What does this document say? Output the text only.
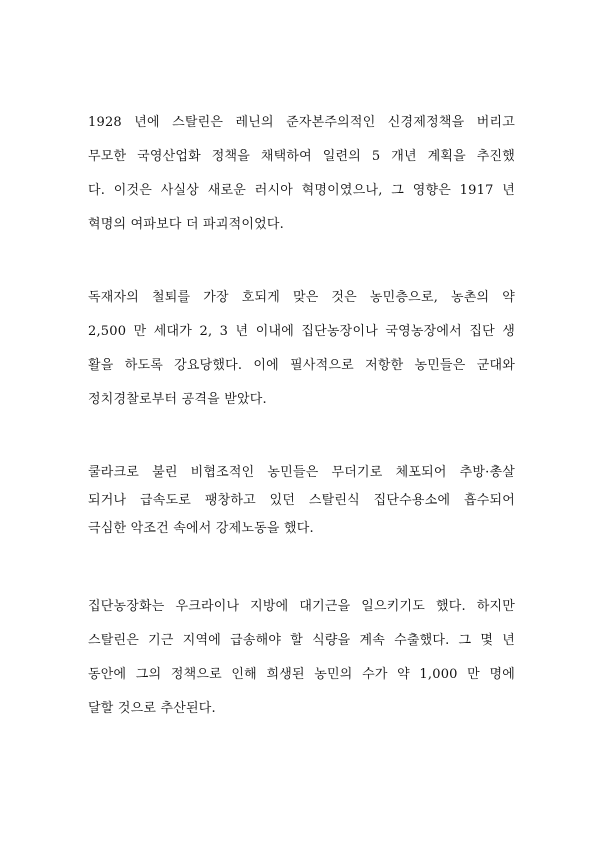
1928 년에 스탈린은 레닌의 준자본주의적인 신경제정책을 버리고
무모한 국영산업화 정책을 채택하여 일련의 5 개년 계획을 추진했
다. 이것은 사실상 새로운 러시아 혁명이였으나, 그 영향은 1917 년
혁명의 여파보다 더 파괴적이었다.
독재자의 철퇴를 가장 호되게 맞은 것은 농민층으로, 농촌의 약
2,500 만 세대가 2, 3 년 이내에 집단농장이나 국영농장에서 집단 생
활을 하도록 강요당했다. 이에 필사적으로 저항한 농민들은 군대와
정치경찰로부터 공격을 받았다.
쿨라크로 불린 비협조적인 농민들은 무더기로 체포되어 추방·총살
되거나 급속도로 팽창하고 있던 스탈린식 집단수용소에 흡수되어
극심한 악조건 속에서 강제노동을 했다.
집단농장화는 우크라이나 지방에 대기근을 일으키기도 했다. 하지만
스탈린은 기근 지역에 급송해야 할 식량을 계속 수출했다. 그 몇 년
동안에 그의 정책으로 인해 희생된 농민의 수가 약 1,000 만 명에
달할 것으로 추산된다.
